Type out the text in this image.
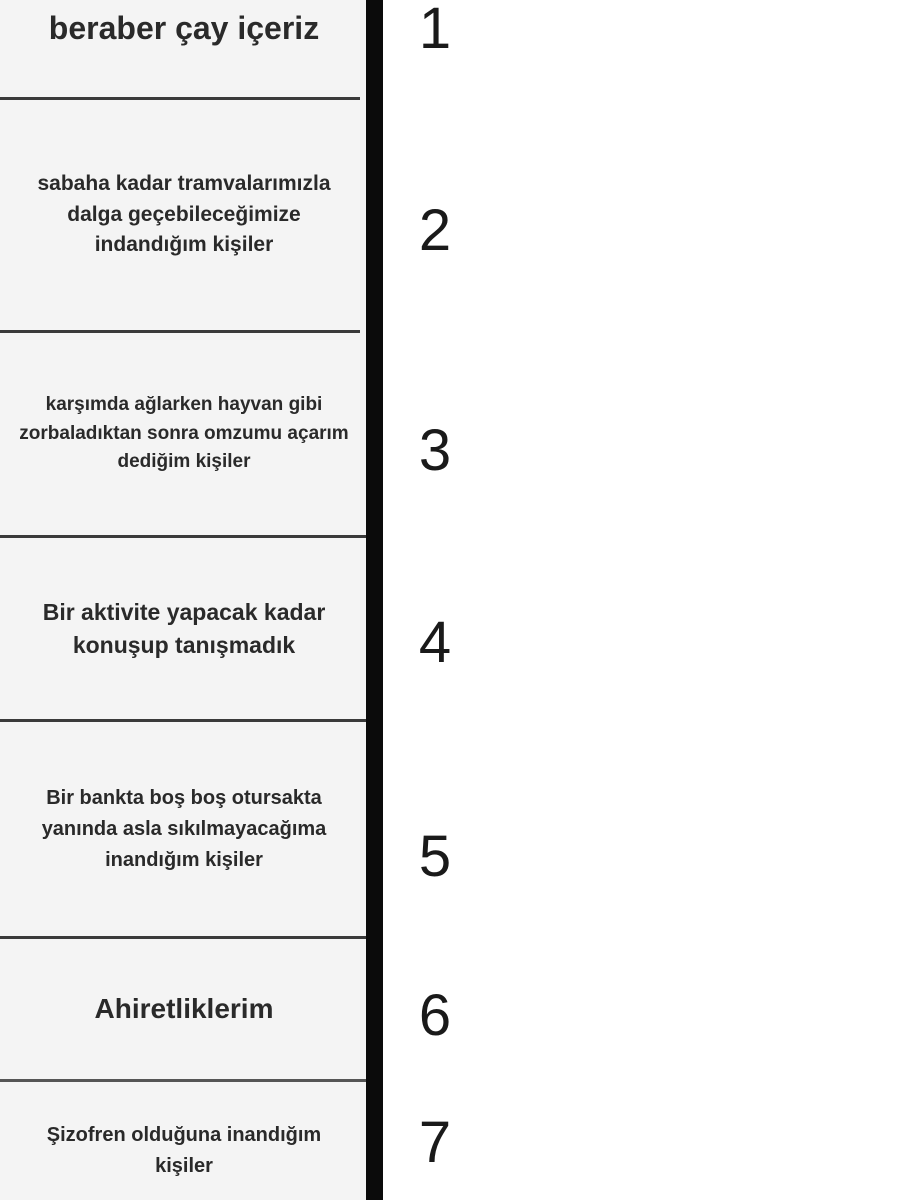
beraber çay içeriz	1
sabaha kadar tramvalarımızla dalga geçebileceğimize indandığım kişiler	2
karşımda ağlarken hayvan gibi zorbaladıktan sonra omzumu açarım dediğim kişiler	3
Bir aktivite yapacak kadar konuşup tanışmadık	4
Bir bankta boş boş otursakta yanında asla sıkılmayacağıma inandığım kişiler	5
Ahiretliklerim	6
Şizofren olduğuna inandığım kişiler	7
